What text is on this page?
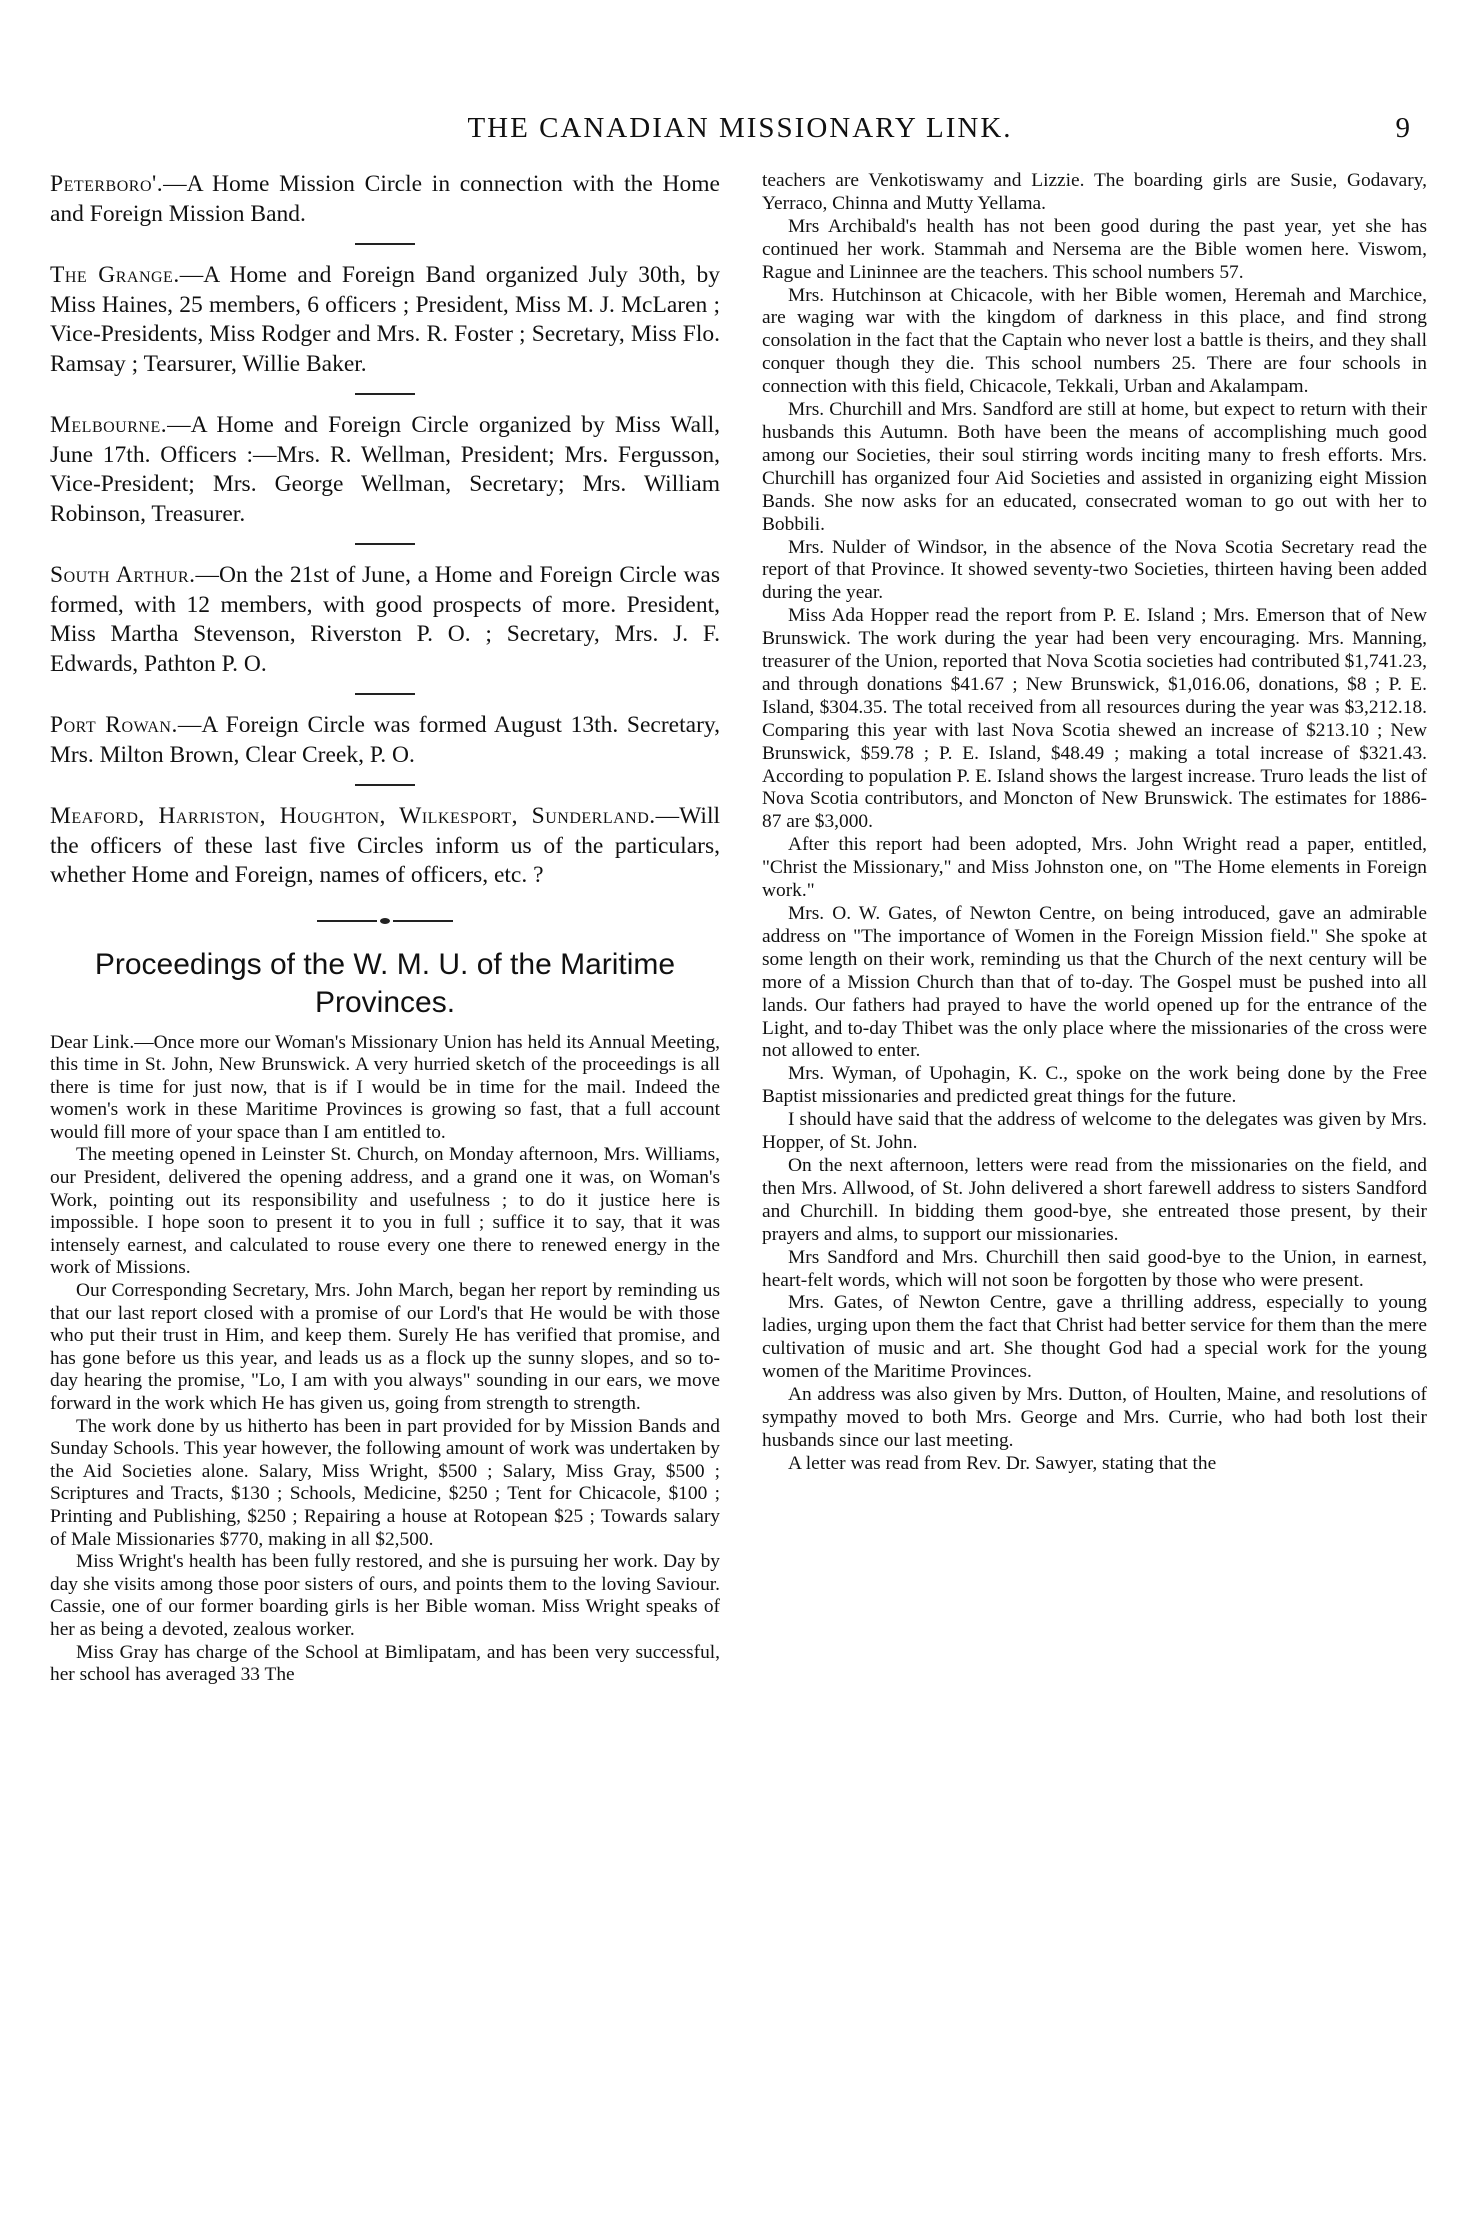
THE CANADIAN MISSIONARY LINK.	9

Peterboro'.—A Home Mission Circle in connection with the Home and Foreign Mission Band.

The Grange.—A Home and Foreign Band organized July 30th, by Miss Haines, 25 members, 6 officers ; President, Miss M. J. McLaren ; Vice-Presidents, Miss Rodger and Mrs. R. Foster ; Secretary, Miss Flo. Ramsay ; Tearsurer, Willie Baker.

Melbourne.—A Home and Foreign Circle organized by Miss Wall, June 17th. Officers :—Mrs. R. Wellman, President; Mrs. Fergusson, Vice-President; Mrs. George Wellman, Secretary; Mrs. William Robinson, Treasurer.

South Arthur.—On the 21st of June, a Home and Foreign Circle was formed, with 12 members, with good prospects of more. President, Miss Martha Stevenson, Riverston P. O. ; Secretary, Mrs. J. F. Edwards, Pathton P. O.

Port Rowan.—A Foreign Circle was formed August 13th. Secretary, Mrs. Milton Brown, Clear Creek, P. O.

Meaford, Harriston, Houghton, Wilkesport, Sunderland.—Will the officers of these last five Circles inform us of the particulars, whether Home and Foreign, names of officers, etc. ?

Proceedings of the W. M. U. of the Maritime Provinces.

Dear Link.—Once more our Woman's Missionary Union has held its Annual Meeting, this time in St. John, New Brunswick. A very hurried sketch of the proceedings is all there is time for just now, that is if I would be in time for the mail. Indeed the women's work in these Maritime Provinces is growing so fast, that a full account would fill more of your space than I am entitled to.

The meeting opened in Leinster St. Church, on Monday afternoon, Mrs. Williams, our President, delivered the opening address, and a grand one it was, on Woman's Work, pointing out its responsibility and usefulness ; to do it justice here is impossible. I hope soon to present it to you in full ; suffice it to say, that it was intensely earnest, and calculated to rouse every one there to renewed energy in the work of Missions.

Our Corresponding Secretary, Mrs. John March, began her report by reminding us that our last report closed with a promise of our Lord's that He would be with those who put their trust in Him, and keep them. Surely He has verified that promise, and has gone before us this year, and leads us as a flock up the sunny slopes, and so to-day hearing the promise, "Lo, I am with you always" sounding in our ears, we move forward in the work which He has given us, going from strength to strength.

The work done by us hitherto has been in part provided for by Mission Bands and Sunday Schools. This year however, the following amount of work was undertaken by the Aid Societies alone. Salary, Miss Wright, $500 ; Salary, Miss Gray, $500 ; Scriptures and Tracts, $130 ; Schools, Medicine, $250 ; Tent for Chicacole, $100 ; Printing and Publishing, $250 ; Repairing a house at Rotopean $25 ; Towards salary of Male Missionaries $770, making in all $2,500.

Miss Wright's health has been fully restored, and she is pursuing her work. Day by day she visits among those poor sisters of ours, and points them to the loving Saviour. Cassie, one of our former boarding girls is her Bible woman. Miss Wright speaks of her as being a devoted, zealous worker.

Miss Gray has charge of the School at Bimlipatam, and has been very successful, her school has averaged 33 The

teachers are Venkotiswamy and Lizzie. The boarding girls are Susie, Godavary, Yerraco, Chinna and Mutty Yellama.

Mrs Archibald's health has not been good during the past year, yet she has continued her work. Stammah and Nersema are the Bible women here. Viswom, Rague and Lininnee are the teachers. This school numbers 57.

Mrs. Hutchinson at Chicacole, with her Bible women, Heremah and Marchice, are waging war with the kingdom of darkness in this place, and find strong consolation in the fact that the Captain who never lost a battle is theirs, and they shall conquer though they die. This school numbers 25. There are four schools in connection with this field, Chicacole, Tekkali, Urban and Akalampam.

Mrs. Churchill and Mrs. Sandford are still at home, but expect to return with their husbands this Autumn. Both have been the means of accomplishing much good among our Societies, their soul stirring words inciting many to fresh efforts. Mrs. Churchill has organized four Aid Societies and assisted in organizing eight Mission Bands. She now asks for an educated, consecrated woman to go out with her to Bobbili.

Mrs. Nulder of Windsor, in the absence of the Nova Scotia Secretary read the report of that Province. It showed seventy-two Societies, thirteen having been added during the year.

Miss Ada Hopper read the report from P. E. Island ; Mrs. Emerson that of New Brunswick. The work during the year had been very encouraging. Mrs. Manning, treasurer of the Union, reported that Nova Scotia societies had contributed $1,741.23, and through donations $41.67 ; New Brunswick, $1,016.06, donations, $8 ; P. E. Island, $304.35. The total received from all resources during the year was $3,212.18. Comparing this year with last Nova Scotia shewed an increase of $213.10 ; New Brunswick, $59.78 ; P. E. Island, $48.49 ; making a total increase of $321.43. According to population P. E. Island shows the largest increase. Truro leads the list of Nova Scotia contributors, and Moncton of New Brunswick. The estimates for 1886-87 are $3,000.

After this report had been adopted, Mrs. John Wright read a paper, entitled, "Christ the Missionary," and Miss Johnston one, on "The Home elements in Foreign work."

Mrs. O. W. Gates, of Newton Centre, on being introduced, gave an admirable address on "The importance of Women in the Foreign Mission field." She spoke at some length on their work, reminding us that the Church of the next century will be more of a Mission Church than that of to-day. The Gospel must be pushed into all lands. Our fathers had prayed to have the world opened up for the entrance of the Light, and to-day Thibet was the only place where the missionaries of the cross were not allowed to enter.

Mrs. Wyman, of Upohagin, K. C., spoke on the work being done by the Free Baptist missionaries and predicted great things for the future.

I should have said that the address of welcome to the delegates was given by Mrs. Hopper, of St. John.

On the next afternoon, letters were read from the missionaries on the field, and then Mrs. Allwood, of St. John delivered a short farewell address to sisters Sandford and Churchill. In bidding them good-bye, she entreated those present, by their prayers and alms, to support our missionaries.

Mrs Sandford and Mrs. Churchill then said good-bye to the Union, in earnest, heart-felt words, which will not soon be forgotten by those who were present.

Mrs. Gates, of Newton Centre, gave a thrilling address, especially to young ladies, urging upon them the fact that Christ had better service for them than the mere cultivation of music and art. She thought God had a special work for the young women of the Maritime Provinces.

An address was also given by Mrs. Dutton, of Houlten, Maine, and resolutions of sympathy moved to both Mrs. George and Mrs. Currie, who had both lost their husbands since our last meeting.

A letter was read from Rev. Dr. Sawyer, stating that the
